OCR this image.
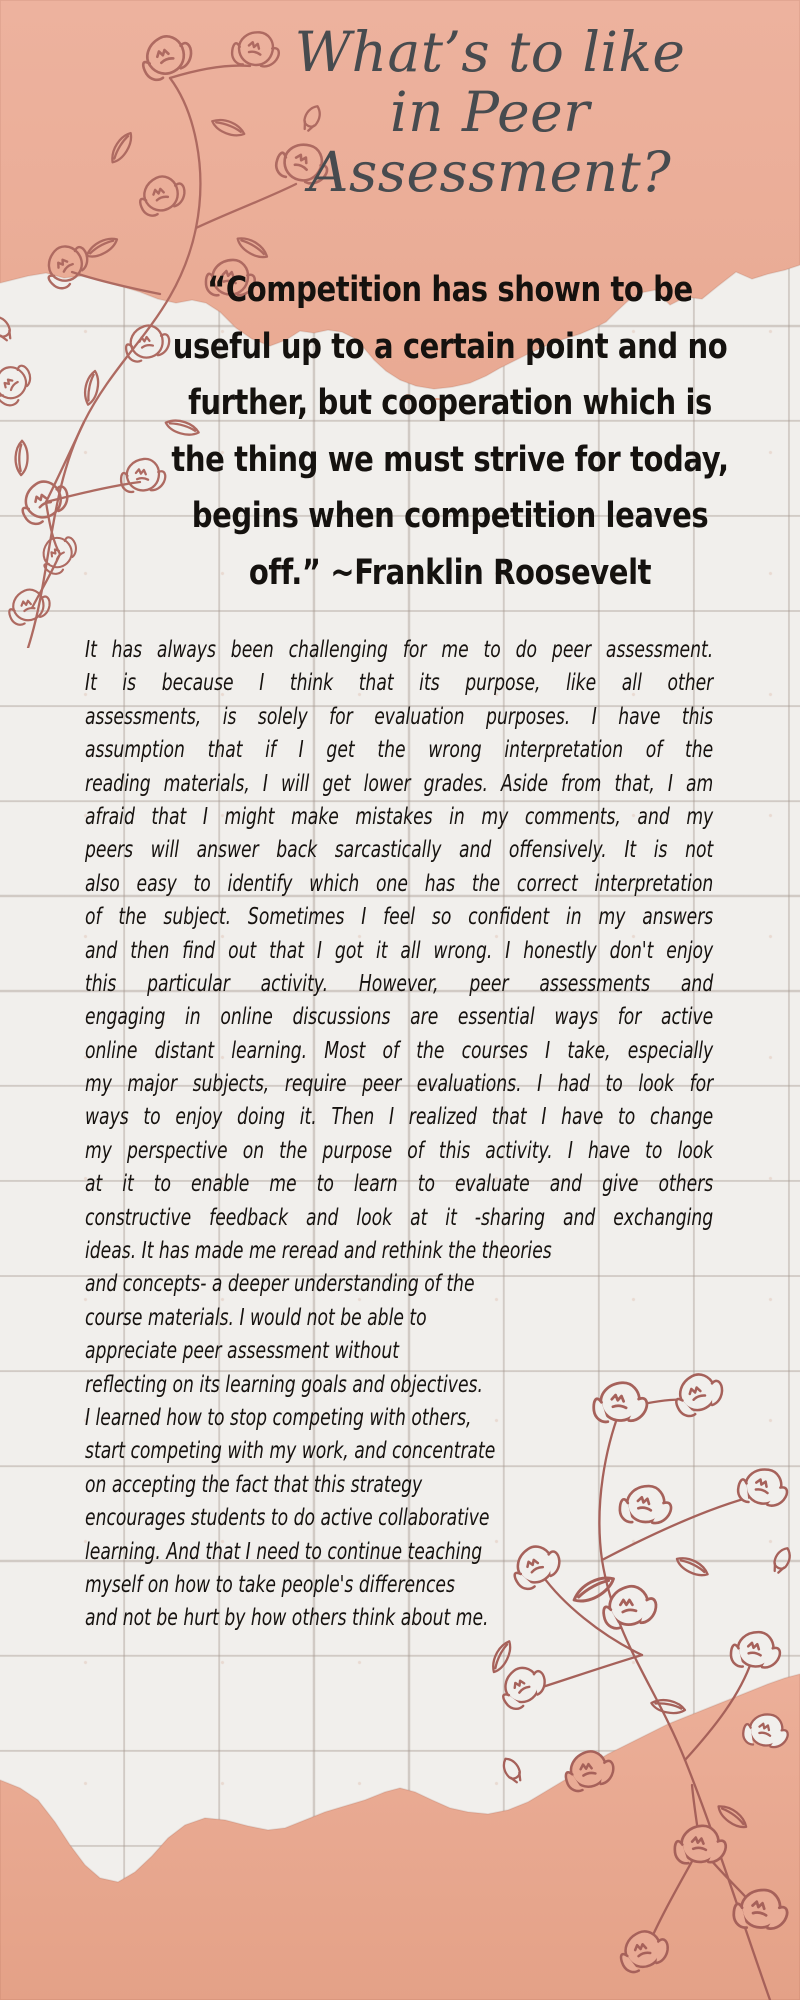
What’s to like
in Peer
Assessment?
“Competition has shown to be
useful up to a certain point and no
further, but cooperation which is
the thing we must strive for today,
begins when competition leaves
off.” ~Franklin Roosevelt
It has always been challenging for me to do peer assessment.
It is because I think that its purpose, like all other
assessments, is solely for evaluation purposes. I have this
assumption that if I get the wrong interpretation of the
reading materials, I will get lower grades. Aside from that, I am
afraid that I might make mistakes in my comments, and my
peers will answer back sarcastically and offensively. It is not
also easy to identify which one has the correct interpretation
of the subject. Sometimes I feel so confident in my answers
and then find out that I got it all wrong. I honestly don't enjoy
this particular activity. However, peer assessments and
engaging in online discussions are essential ways for active
online distant learning. Most of the courses I take, especially
my major subjects, require peer evaluations. I had to look for
ways to enjoy doing it. Then I realized that I have to change
my perspective on the purpose of this activity. I have to look
at it to enable me to learn to evaluate and give others
constructive feedback and look at it -sharing and exchanging
ideas. It has made me reread and rethink the theories
and concepts- a deeper understanding of the
course materials. I would not be able to
appreciate peer assessment without
reflecting on its learning goals and objectives.
I learned how to stop competing with others,
start competing with my work, and concentrate
on accepting the fact that this strategy
encourages students to do active collaborative
learning. And that I need to continue teaching
myself on how to take people's differences
and not be hurt by how others think about me.
